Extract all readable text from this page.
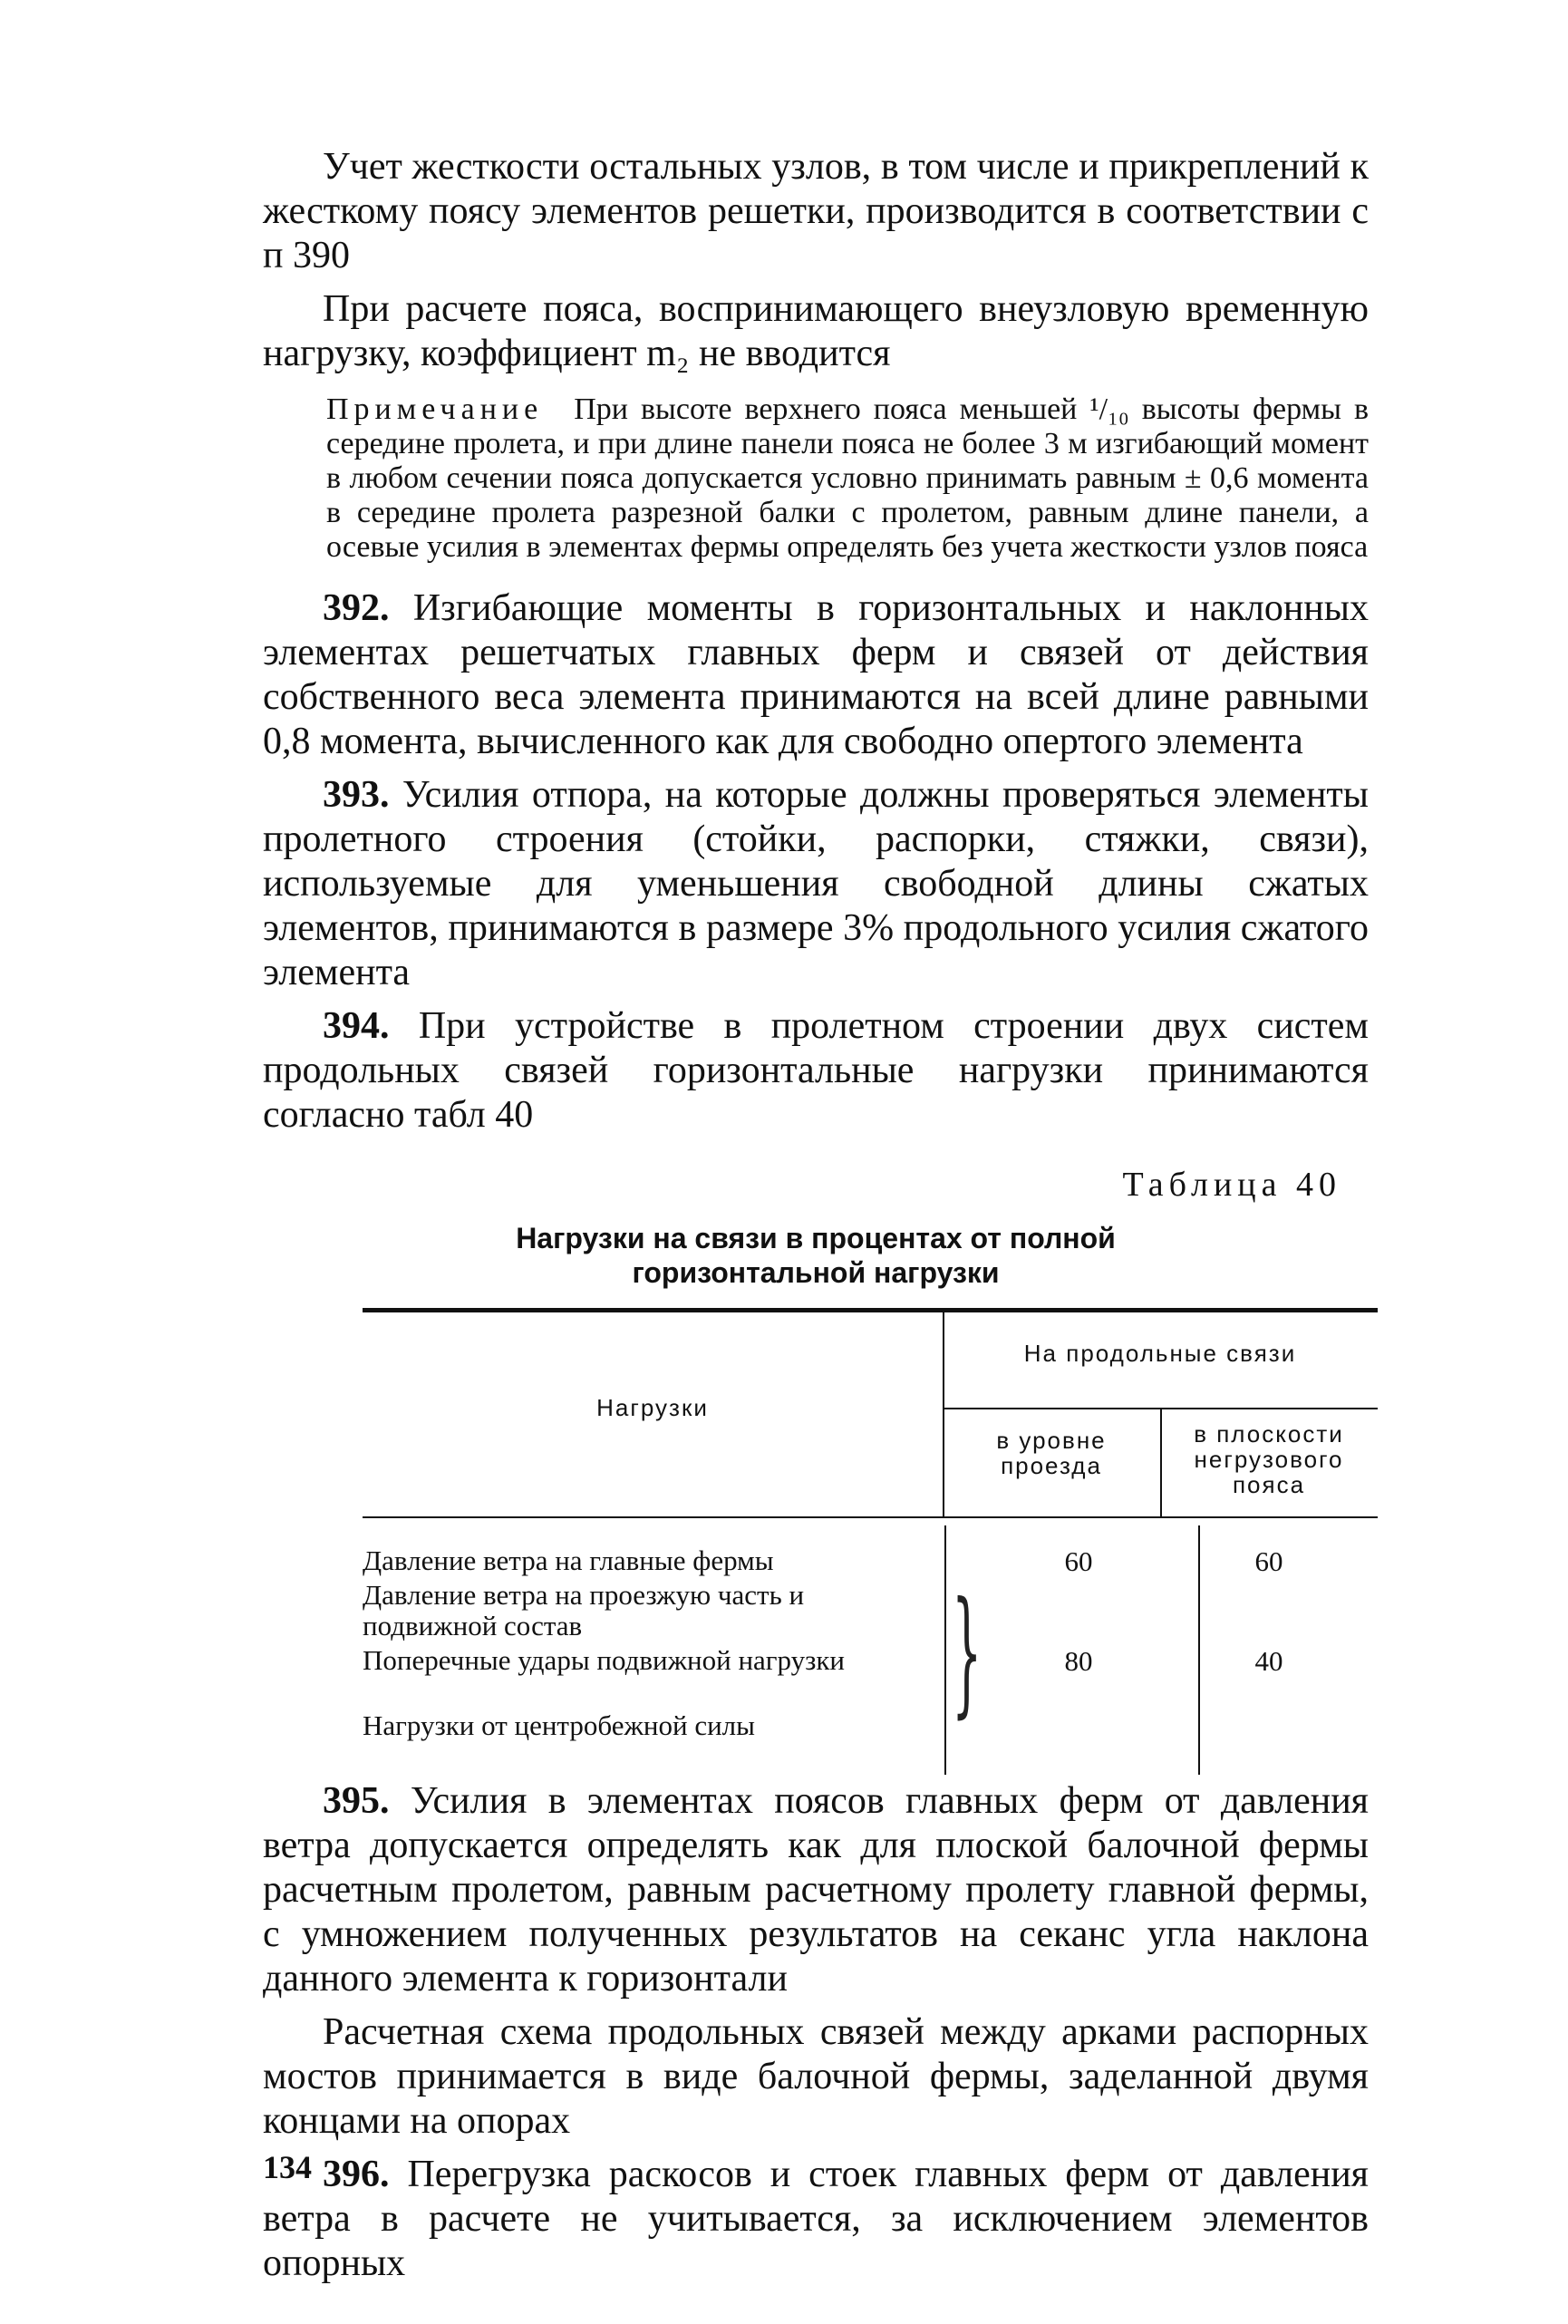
Учет жесткости остальных узлов, в том числе и прикреплений к жесткому поясу элементов решетки, производится в соответствии с п 390

При расчете пояса, воспринимающего внеузловую временную нагрузку, коэффициент m₂ не вводится

Примечание При высоте верхнего пояса меньшей ¹/₁₀ высоты фермы в середине пролета, и при длине панели пояса не более 3 м изгибающий момент в любом сечении пояса допускается условно принимать равным ± 0,6 момента в середине пролета разрезной балки с пролетом, равным длине панели, а осевые усилия в элементах фермы определять без учета жесткости узлов пояса

392. Изгибающие моменты в горизонтальных и наклонных элементах решетчатых главных ферм и связей от действия собственного веса элемента принимаются на всей длине равными 0,8 момента, вычисленного как для свободно опертого элемента

393. Усилия отпора, на которые должны проверяться элементы пролетного строения (стойки, распорки, стяжки, связи), используемые для уменьшения свободной длины сжатых элементов, принимаются в размере 3% продольного усилия сжатого элемента

394. При устройстве в пролетном строении двух систем продольных связей горизонтальные нагрузки принимаются согласно табл 40

Таблица 40
Нагрузки на связи в процентах от полной
горизонтальной нагрузки
Нагрузки
На продольные связи
в уровне
проезда
в плоскости
негрузового
пояса
Давление ветра на главные фермы
Давление ветра на проезжую часть и подвижной состав
Поперечные удары подвижной нагрузки
Нагрузки от центробежной силы
60	60
80	40
}

395. Усилия в элементах поясов главных ферм от давления ветра допускается определять как для плоской балочной фермы расчетным пролетом, равным расчетному пролету главной фермы, с умножением полученных результатов на секанс угла наклона данного элемента к горизонтали

Расчетная схема продольных связей между арками распорных мостов принимается в виде балочной фермы, заделанной двумя концами на опорах

396. Перегрузка раскосов и стоек главных ферм от давления ветра в расчете не учитывается, за исключением элементов опорных

134
